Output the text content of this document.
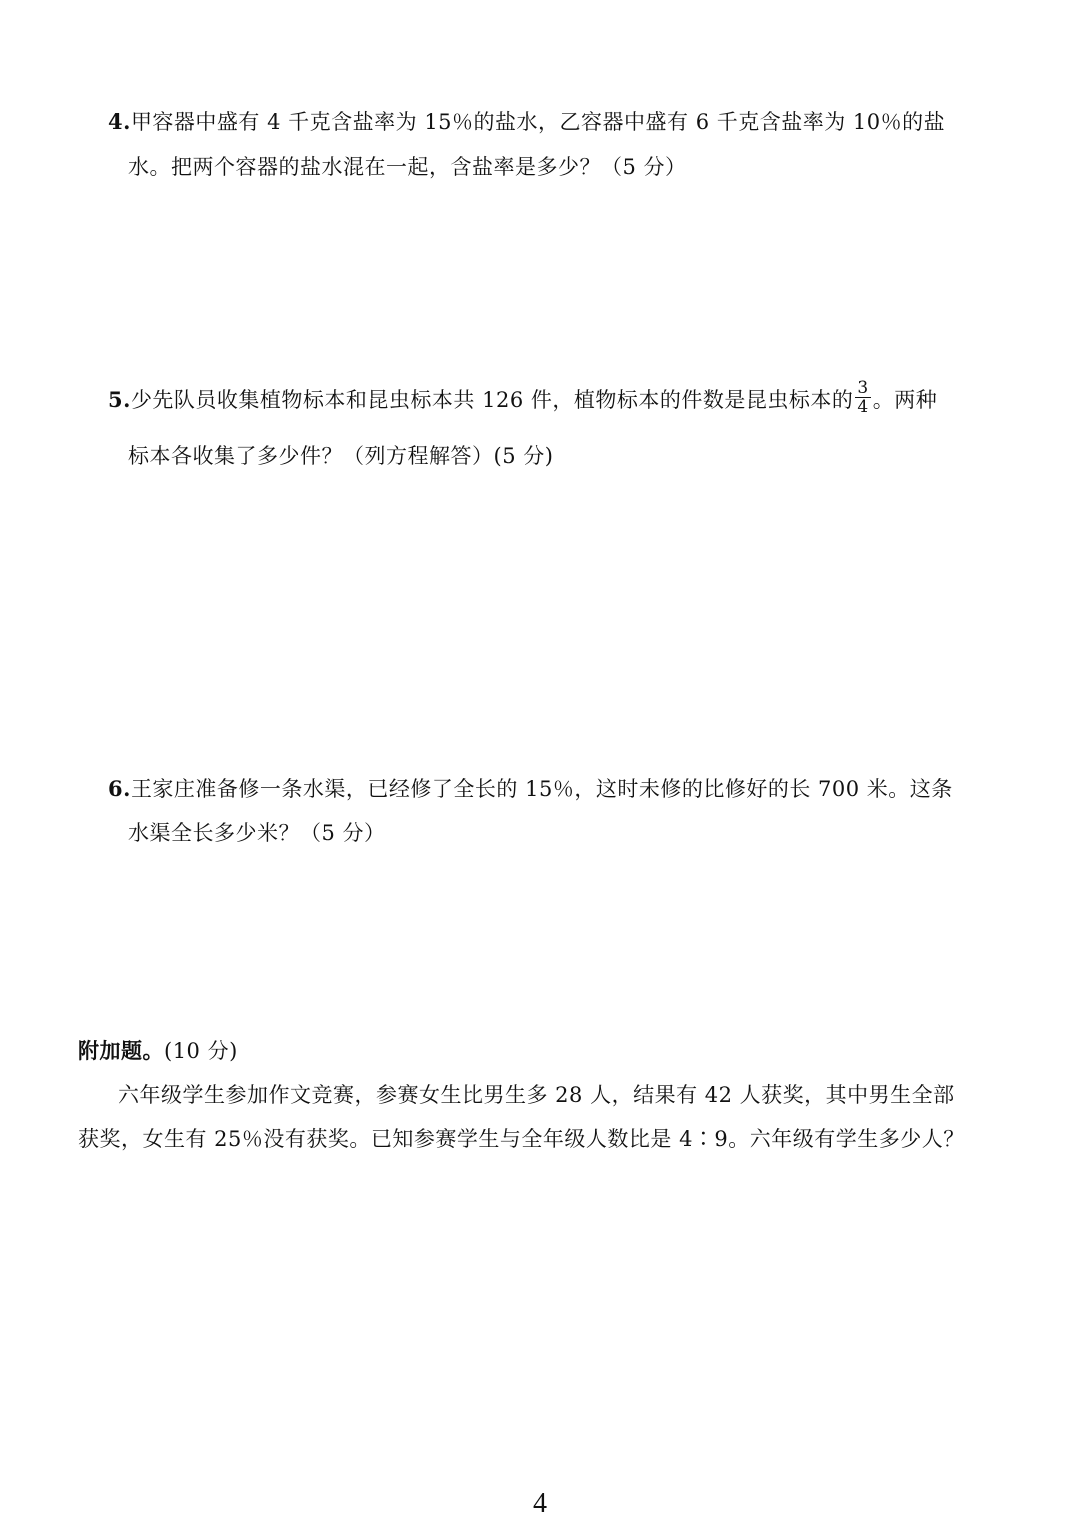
4.甲容器中盛有 4 千克含盐率为 15％的盐水，乙容器中盛有 6 千克含盐率为 10％的盐
水。把两个容器的盐水混在一起，含盐率是多少？（5 分）
5.少先队员收集植物标本和昆虫标本共 126 件，植物标本的件数是昆虫标本的 $\frac{3}{4}$ 。两种
标本各收集了多少件？（列方程解答）(5 分)
6.王家庄准备修一条水渠，已经修了全长的 15％，这时未修的比修好的长 700 米。这条
水渠全长多少米？（5 分）
附加题。(10 分)
六年级学生参加作文竞赛，参赛女生比男生多 28 人，结果有 42 人获奖，其中男生全部
获奖，女生有 25％没有获奖。已知参赛学生与全年级人数比是 4∶9。六年级有学生多少人？
4
